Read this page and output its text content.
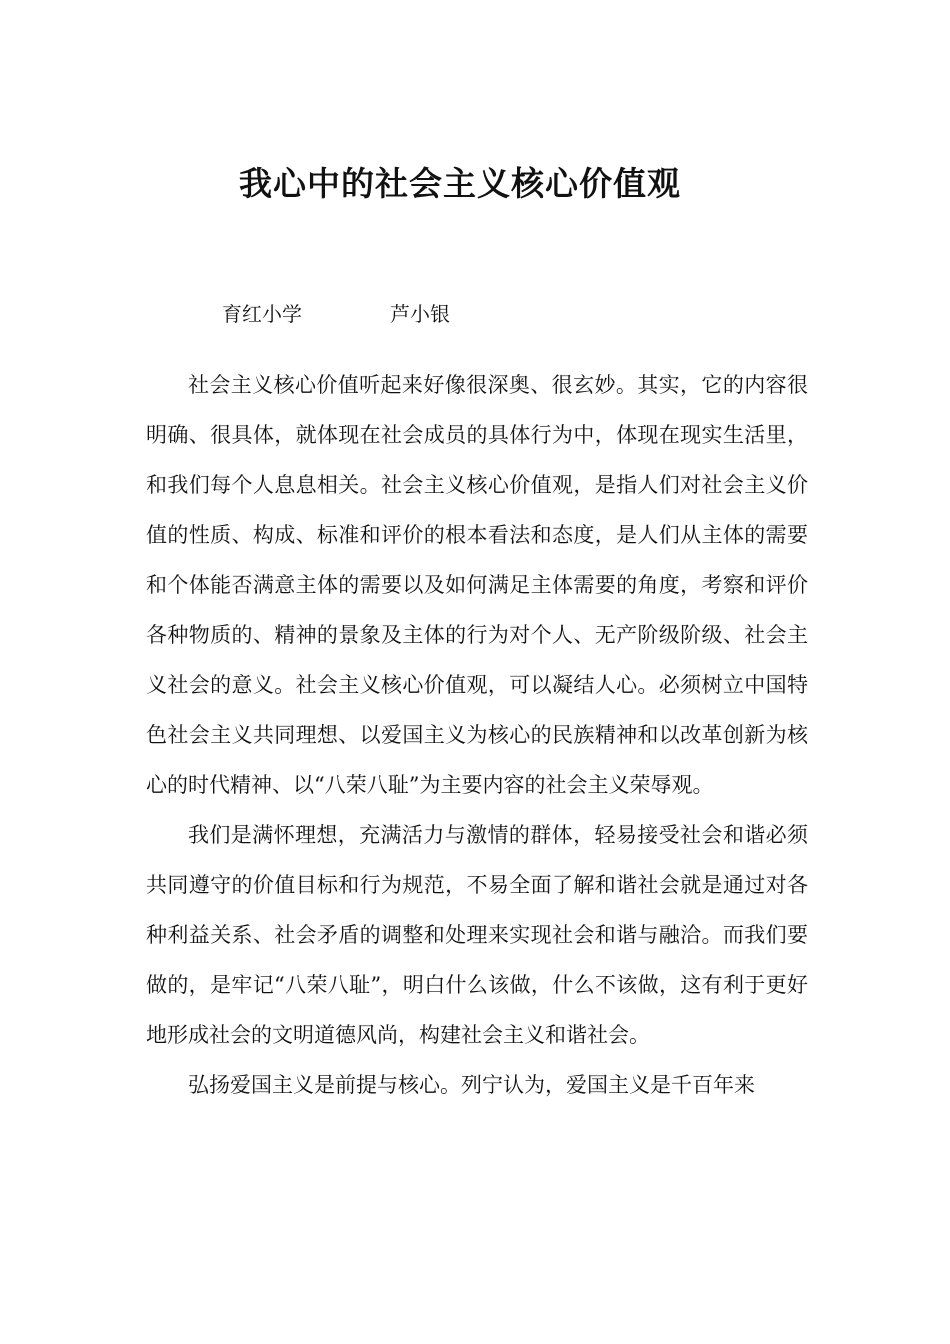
我心中的社会主义核心价值观
育红小学	芦小银

社会主义核心价值听起来好像很深奥、很玄妙。其实，它的内容很明确、很具体，就体现在社会成员的具体行为中，体现在现实生活里，和我们每个人息息相关。社会主义核心价值观，是指人们对社会主义价值的性质、构成、标准和评价的根本看法和态度，是人们从主体的需要和个体能否满意主体的需要以及如何满足主体需要的角度，考察和评价各种物质的、精神的景象及主体的行为对个人、无产阶级阶级、社会主义社会的意义。社会主义核心价值观，可以凝结人心。必须树立中国特色社会主义共同理想、以爱国主义为核心的民族精神和以改革创新为核心的时代精神、以“八荣八耻”为主要内容的社会主义荣辱观。

我们是满怀理想，充满活力与激情的群体，轻易接受社会和谐必须共同遵守的价值目标和行为规范，不易全面了解和谐社会就是通过对各种利益关系、社会矛盾的调整和处理来实现社会和谐与融洽。而我们要做的，是牢记“八荣八耻”，明白什么该做，什么不该做，这有利于更好地形成社会的文明道德风尚，构建社会主义和谐社会。

弘扬爱国主义是前提与核心。列宁认为，爱国主义是千百年来
